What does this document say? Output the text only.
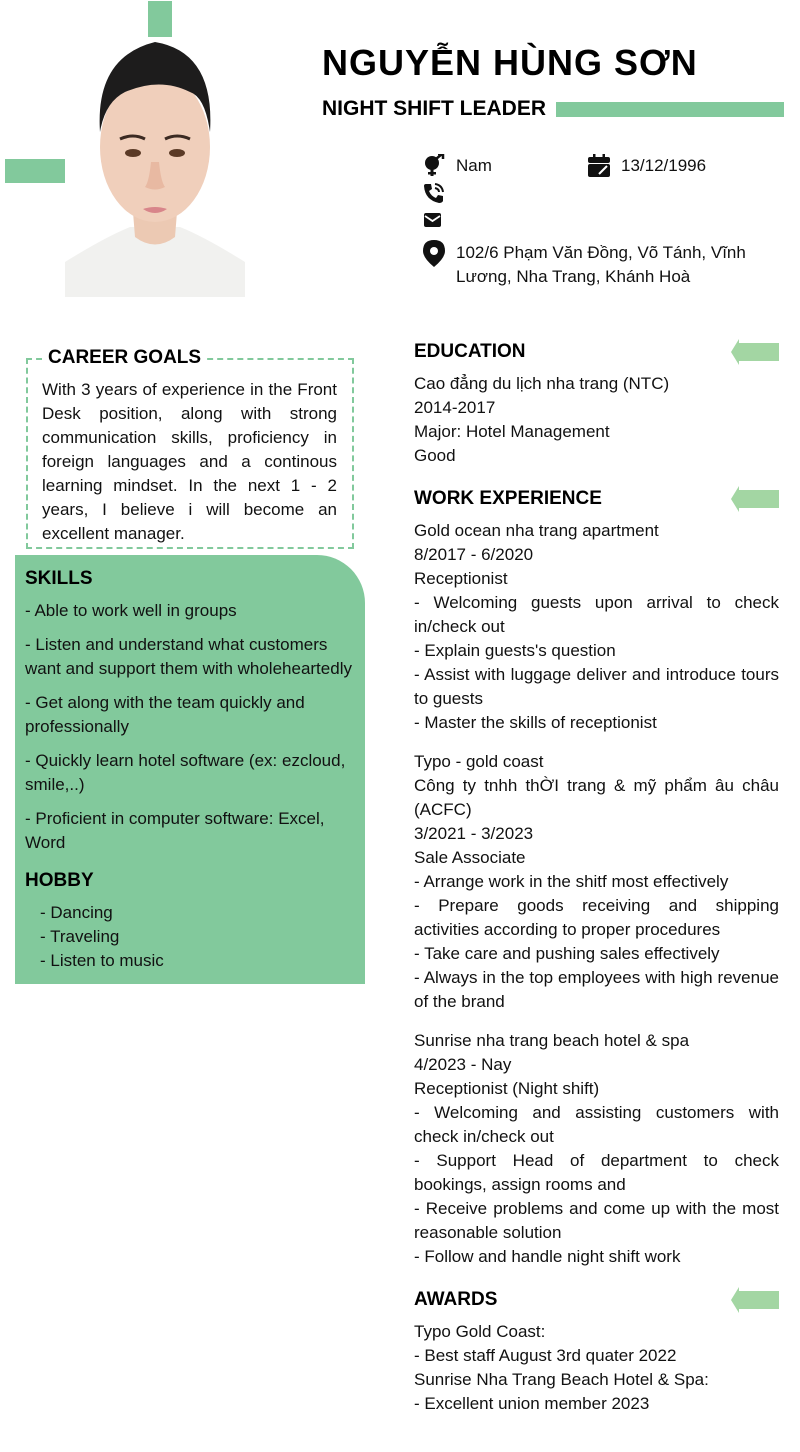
NGUYỄN HÙNG SƠN
NIGHT SHIFT LEADER
Nam	13/12/1996
102/6 Phạm Văn Đồng, Võ Tánh, Vĩnh Lương, Nha Trang, Khánh Hoà
CAREER GOALS
With 3 years of experience in the Front Desk position, along with strong communication skills, proficiency in foreign languages and a continous learning mindset. In the next 1 - 2 years, I believe i will become an excellent manager.
SKILLS
- Able to work well in groups
- Listen and understand what customers want and support them with wholeheartedly
- Get along with the team quickly and professionally
- Quickly learn hotel software (ex: ezcloud, smile,..)
- Proficient in computer software: Excel, Word
HOBBY
- Dancing
- Traveling
- Listen to music
EDUCATION
Cao đẳng du lịch nha trang (NTC)
2014-2017
Major: Hotel Management
Good
WORK EXPERIENCE
Gold ocean nha trang apartment
8/2017 - 6/2020
Receptionist
- Welcoming guests upon arrival to check in/check out
- Explain guests's question
- Assist with luggage deliver and introduce tours to guests
- Master the skills of receptionist
Typo - gold coast
Công ty tnhh thỜI trang & mỹ phẩm âu châu (ACFC)
3/2021 - 3/2023
Sale Associate
- Arrange work in the shitf most effectively
- Prepare goods receiving and shipping activities according to proper procedures
- Take care and pushing sales effectively
- Always in the top employees with high revenue of the brand
Sunrise nha trang beach hotel & spa
4/2023 - Nay
Receptionist (Night shift)
- Welcoming and assisting customers with check in/check out
- Support Head of department to check bookings, assign rooms and
- Receive problems and come up with the most reasonable solution
- Follow and handle night shift work
AWARDS
Typo Gold Coast:
- Best staff August 3rd quater 2022
Sunrise Nha Trang Beach Hotel & Spa:
- Excellent union member 2023
